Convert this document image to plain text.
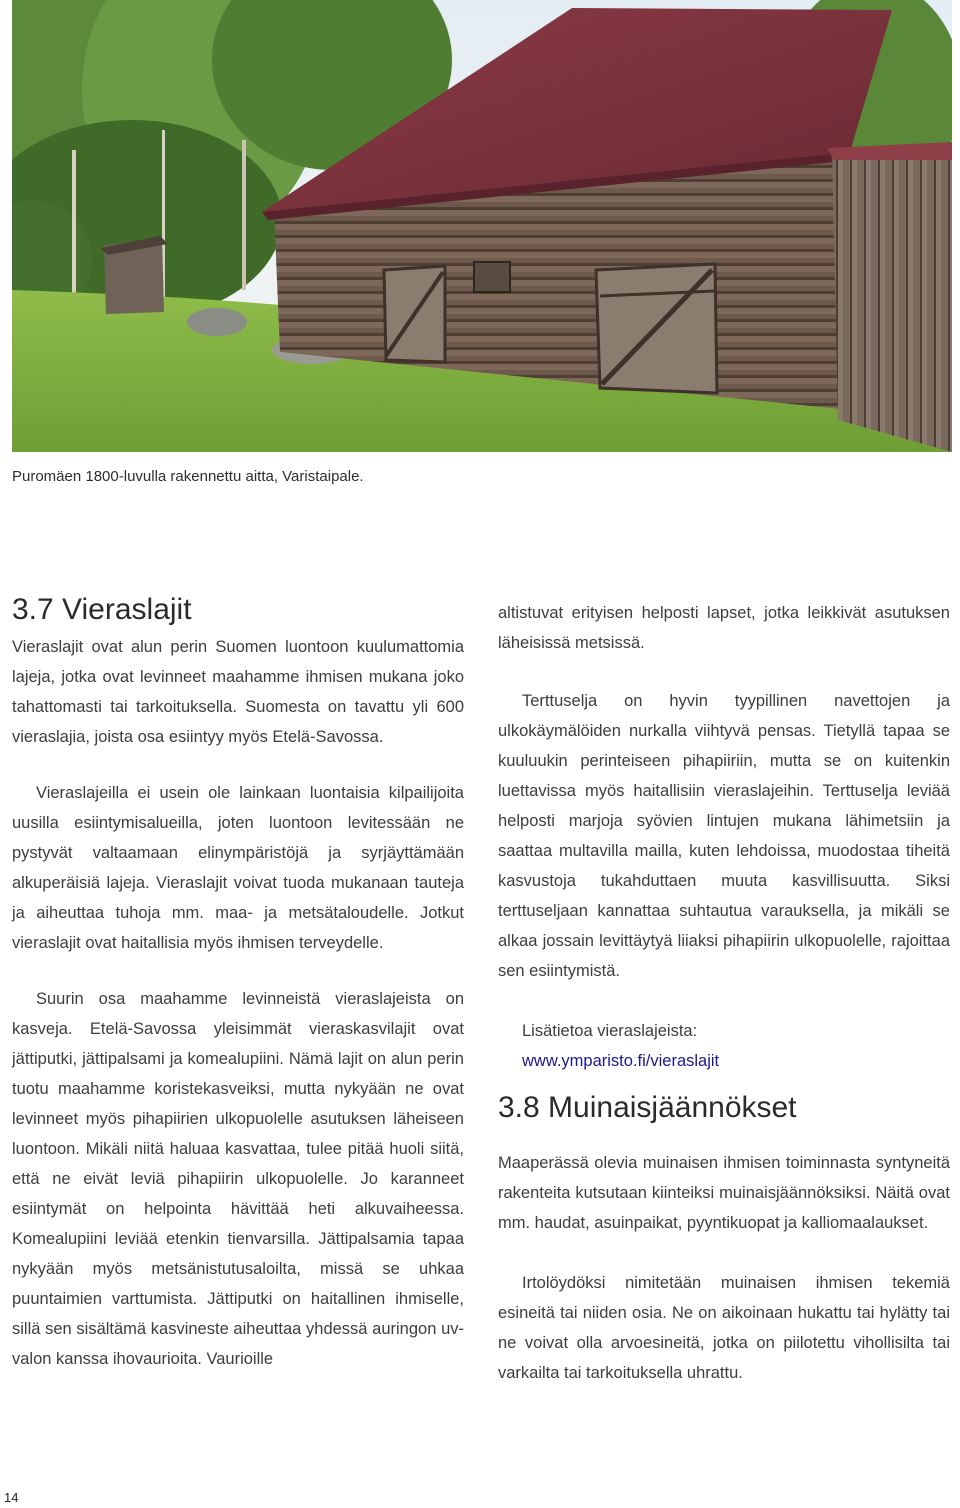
Puromäen 1800-luvulla rakennettu aitta, Varistaipale.
3.7 Vieraslajit

Vieraslajit ovat alun perin Suomen luontoon kuulumattomia lajeja, jotka ovat levinneet maahamme ihmisen mukana joko tahattomasti tai tarkoituksella. Suomesta on tavattu yli 600 vieraslajia, joista osa esiintyy myös Etelä-Savossa.

Vieraslajeilla ei usein ole lainkaan luontaisia kilpailijoita uusilla esiintymisalueilla, joten luontoon levitessään ne pystyvät valtaamaan elinympäristöjä ja syrjäyttämään alkuperäisiä lajeja. Vieraslajit voivat tuoda mukanaan tauteja ja aiheuttaa tuhoja mm. maa- ja metsätaloudelle. Jotkut vieraslajit ovat haitallisia myös ihmisen terveydelle.

Suurin osa maahamme levinneistä vieraslajeista on kasveja. Etelä-Savossa yleisimmät vieraskasvilajit ovat jättiputki, jättipalsami ja komealupiini. Nämä lajit on alun perin tuotu maahamme koristekasveiksi, mutta nykyään ne ovat levinneet myös pihapiirien ulkopuolelle asutuksen läheiseen luontoon. Mikäli niitä haluaa kasvattaa, tulee pitää huoli siitä, että ne eivät leviä pihapiirin ulkopuolelle. Jo karanneet esiintymät on helpointa hävittää heti alkuvaiheessa. Komealupiini leviää etenkin tienvarsilla. Jättipalsamia tapaa nykyään myös metsänistutusaloilta, missä se uhkaa puuntaimien varttumista. Jättiputki on haitallinen ihmiselle, sillä sen sisältämä kasvineste aiheuttaa yhdessä auringon uv-valon kanssa ihovaurioita. Vaurioille

altistuvat erityisen helposti lapset, jotka leikkivät asutuksen läheisissä metsissä.

Terttuselja on hyvin tyypillinen navettojen ja ulkokäymälöiden nurkalla viihtyvä pensas. Tietyllä tapaa se kuuluukin perinteiseen pihapiiriin, mutta se on kuitenkin luettavissa myös haitallisiin vieraslajeihin. Terttuselja leviää helposti marjoja syövien lintujen mukana lähimetsiin ja saattaa multavilla mailla, kuten lehdoissa, muodostaa tiheitä kasvustoja tukahduttaen muuta kasvillisuutta. Siksi terttuseljaan kannattaa suhtautua varauksella, ja mikäli se alkaa jossain levittäytyä liiaksi pihapiirin ulkopuolelle, rajoittaa sen esiintymistä.

Lisätietoa vieraslajeista:

www.ymparisto.fi/vieraslajit
3.8 Muinaisjäännökset

Maaperässä olevia muinaisen ihmisen toiminnasta syntyneitä rakenteita kutsutaan kiinteiksi muinaisjäännöksiksi. Näitä ovat mm. haudat, asuinpaikat, pyyntikuopat ja kalliomaalaukset.

Irtolöydöksi nimitetään muinaisen ihmisen tekemiä esineitä tai niiden osia. Ne on aikoinaan hukattu tai hylätty tai ne voivat olla arvoesineitä, jotka on piilotettu vihollisilta tai varkailta tai tarkoituksella uhrattu.

14
